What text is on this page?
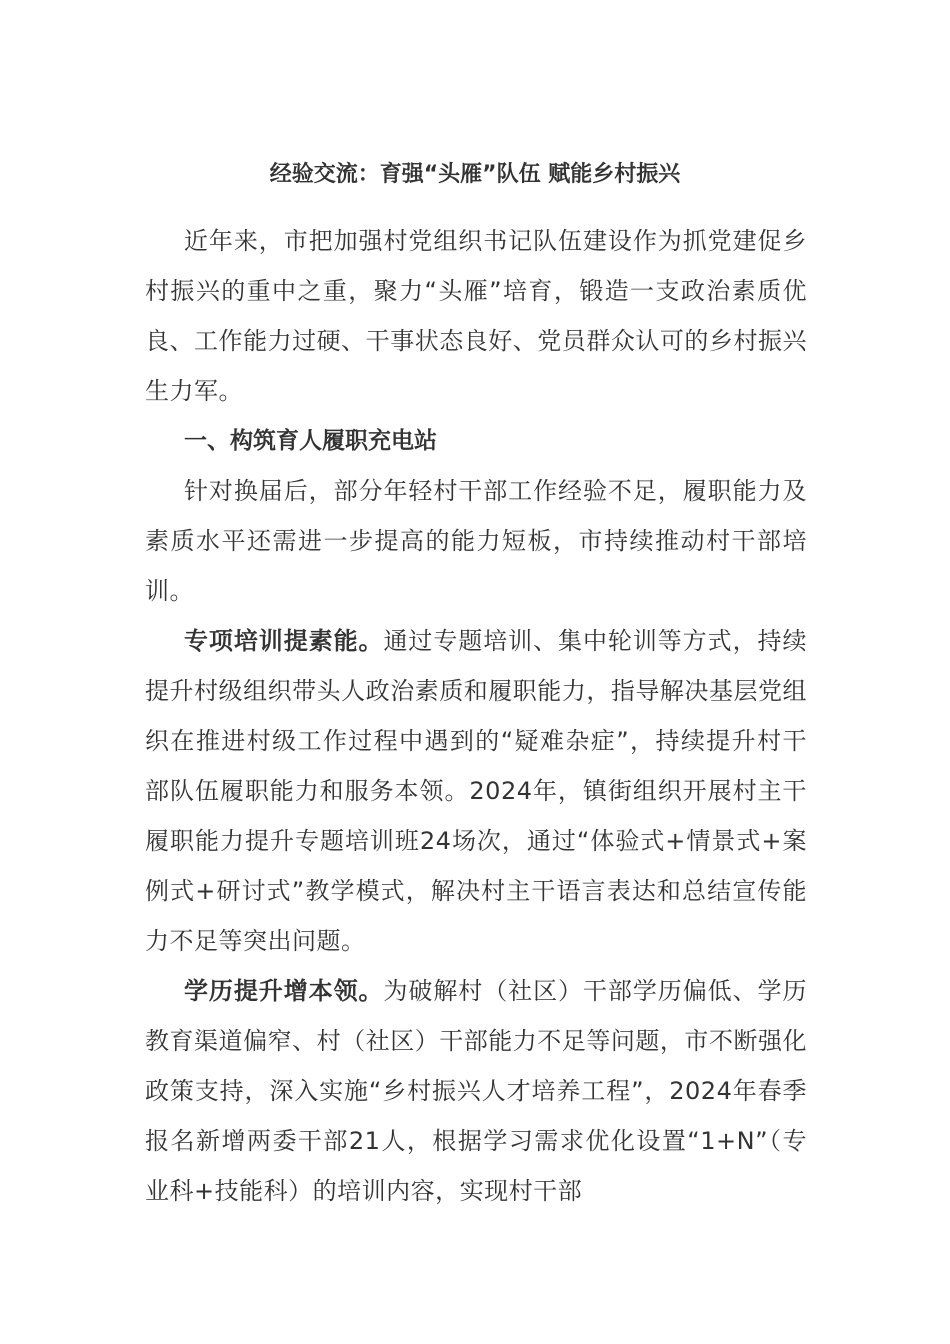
经验交流：育强“头雁”队伍 赋能乡村振兴

近年来，市把加强村党组织书记队伍建设作为抓党建促乡村振兴的重中之重，聚力“头雁”培育，锻造一支政治素质优良、工作能力过硬、干事状态良好、党员群众认可的乡村振兴生力军。

一、构筑育人履职充电站

针对换届后，部分年轻村干部工作经验不足，履职能力及素质水平还需进一步提高的能力短板，市持续推动村干部培训。

专项培训提素能。通过专题培训、集中轮训等方式，持续提升村级组织带头人政治素质和履职能力，指导解决基层党组织在推进村级工作过程中遇到的“疑难杂症”，持续提升村干部队伍履职能力和服务本领。2024年，镇街组织开展村主干履职能力提升专题培训班24场次，通过“体验式+情景式+案例式+研讨式”教学模式，解决村主干语言表达和总结宣传能力不足等突出问题。

学历提升增本领。为破解村（社区）干部学历偏低、学历教育渠道偏窄、村（社区）干部能力不足等问题，市不断强化政策支持，深入实施“乡村振兴人才培养工程”，2024年春季报名新增两委干部21人，根据学习需求优化设置“1+N”（专业科+技能科）的培训内容，实现村干部
